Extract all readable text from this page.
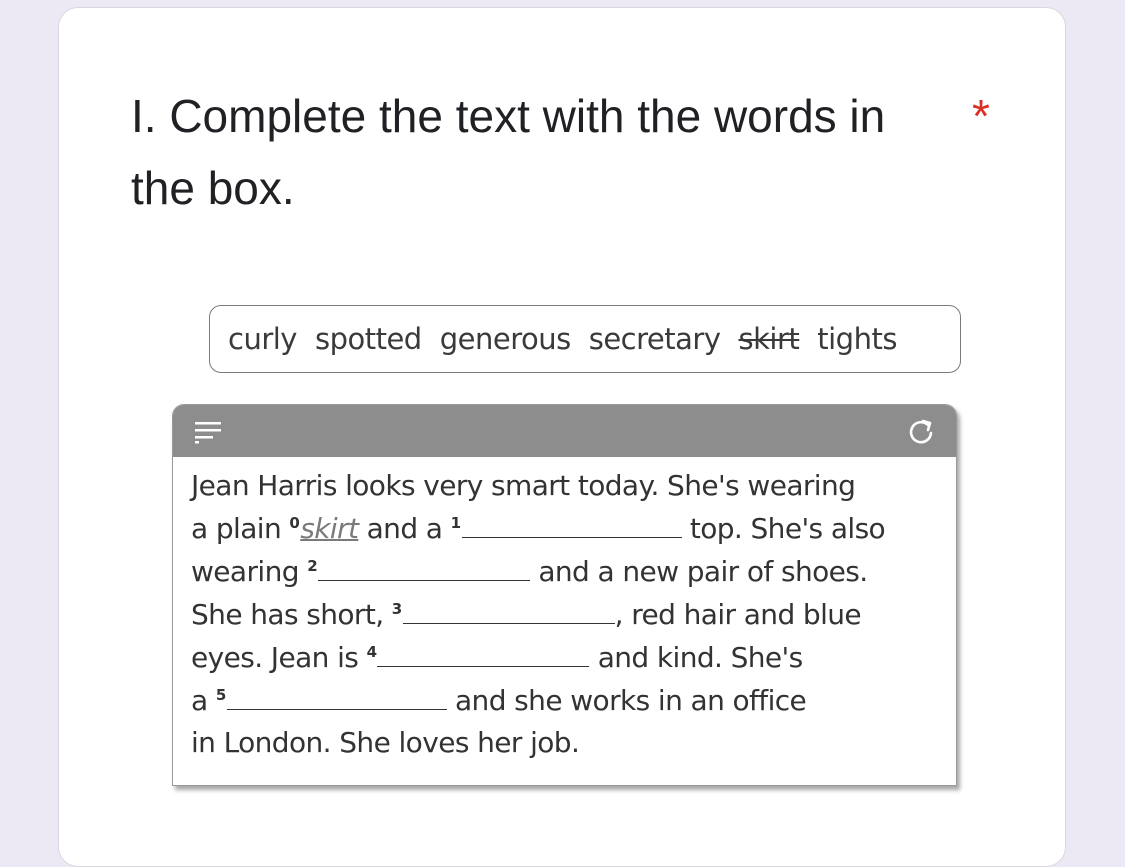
I. Complete the text with the words in the box.
*
curly spotted generous secretary skirt tights
Jean Harris looks very smart today. She's wearing
a plain $^0$skirt and a $^1$	top. She's also
wearing $^2$	and a new pair of shoes.
She has short, $^3$	, red hair and blue
eyes. Jean is $^4$	and kind. She's
a $^5$	and she works in an office
in London. She loves her job.
